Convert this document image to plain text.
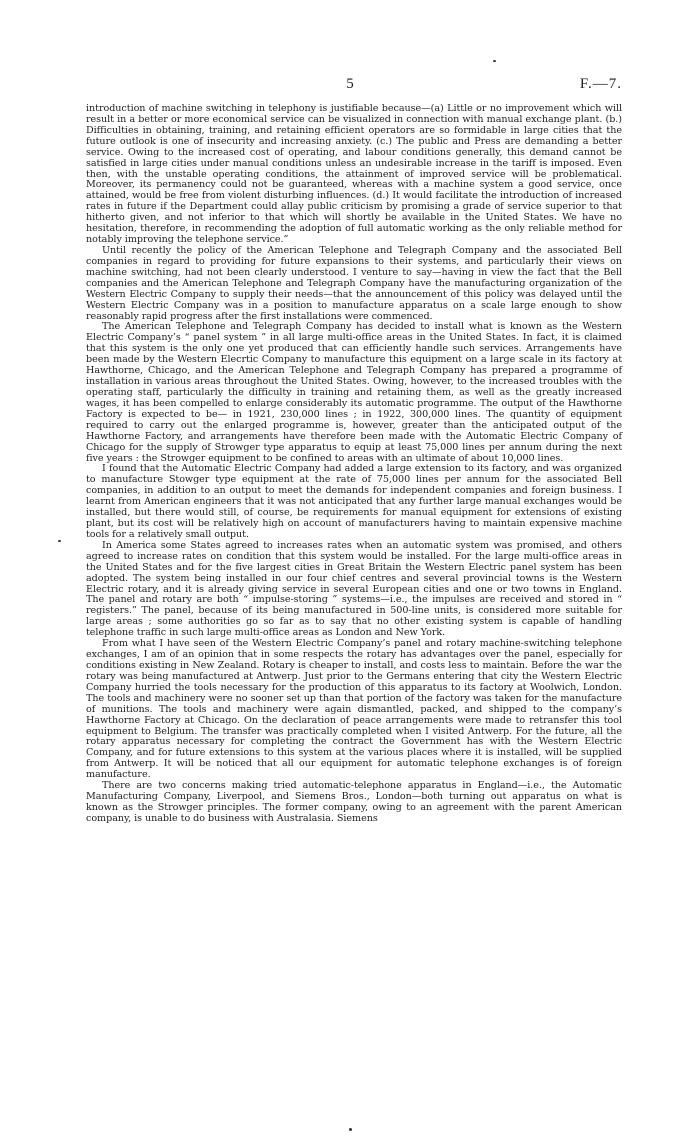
5	F.—7.

introduction of machine switching in telephony is justifiable because—(a) Little or no improvement which will result in a better or more economical service can be visualized in connection with manual exchange plant. (b.) Difficulties in obtaining, training, and retaining efficient operators are so formidable in large cities that the future outlook is one of insecurity and increasing anxiety. (c.) The public and Press are demanding a better service. Owing to the increased cost of operating, and labour conditions generally, this demand cannot be satisfied in large cities under manual conditions unless an undesirable increase in the tariff is imposed. Even then, with the unstable operating conditions, the attainment of improved service will be problematical. Moreover, its permanency could not be guaranteed, whereas with a machine system a good service, once attained, would be free from violent disturbing influences. (d.) It would facilitate the introduction of increased rates in future if the Department could allay public criticism by promising a grade of service superior to that hitherto given, and not inferior to that which will shortly be available in the United States. We have no hesitation, therefore, in recommending the adoption of full automatic working as the only reliable method for notably improving the telephone service.”

Until recently the policy of the American Telephone and Telegraph Company and the associated Bell companies in regard to providing for future expansions to their systems, and particularly their views on machine switching, had not been clearly understood. I venture to say—having in view the fact that the Bell companies and the American Telephone and Telegraph Company have the manufacturing organization of the Western Electric Company to supply their needs—that the announcement of this policy was delayed until the Western Electric Company was in a position to manufacture apparatus on a scale large enough to show reasonably rapid progress after the first installations were commenced.

The American Telephone and Telegraph Company has decided to install what is known as the Western Electric Company’s “ panel system ” in all large multi-office areas in the United States. In fact, it is claimed that this system is the only one yet produced that can efficiently handle such services. Arrangements have been made by the Western Elecrtic Company to manufacture this equipment on a large scale in its factory at Hawthorne, Chicago, and the American Telephone and Telegraph Company has prepared a programme of installation in various areas throughout the United States. Owing, however, to the increased troubles with the operating staff, particularly the difficulty in training and retaining them, as well as the greatly increased wages, it has been compelled to enlarge considerably its automatic programme. The output of the Hawthorne Factory is expected to be— in 1921, 230,000 lines ; in 1922, 300,000 lines. The quantity of equipment required to carry out the enlarged programme is, however, greater than the anticipated output of the Hawthorne Factory, and arrangements have therefore been made with the Automatic Electric Company of Chicago for the supply of Strowger type apparatus to equip at least 75,000 lines per annum during the next five years : the Strowger equipment to be confined to areas with an ultimate of about 10,000 lines.

I found that the Automatic Electric Company had added a large extension to its factory, and was organized to manufacture Stowger type equipment at the rate of 75,000 lines per annum for the associated Bell companies, in addition to an output to meet the demands for independent companies and foreign business. I learnt from American engineers that it was not anticipated that any further large manual exchanges would be installed, but there would still, of course, be requirements for manual equipment for extensions of existing plant, but its cost will be relatively high on account of manufacturers having to maintain expensive machine tools for a relatively small output.

In America some States agreed to increases rates when an automatic system was promised, and others agreed to increase rates on condition that this system would be installed. For the large multi-office areas in the United States and for the five largest cities in Great Britain the Western Electric panel system has been adopted. The system being installed in our four chief centres and several provincial towns is the Western Electric rotary, and it is already giving service in several European cities and one or two towns in England. The panel and rotary are both “ impulse-storing ” systems—i.e., the impulses are received and stored in “ registers.” The panel, because of its being manufactured in 500-line units, is considered more suitable for large areas ; some authorities go so far as to say that no other existing system is capable of handling telephone traffic in such large multi-office areas as London and New York.

From what I have seen of the Western Electric Company’s panel and rotary machine-switching telephone exchanges, I am of an opinion that in some respects the rotary has advantages over the panel, especially for conditions existing in New Zealand. Rotary is cheaper to install, and costs less to maintain. Before the war the rotary was being manufactured at Antwerp. Just prior to the Germans entering that city the Western Electric Company hurried the tools necessary for the production of this apparatus to its factory at Woolwich, London. The tools and machinery were no sooner set up than that portion of the factory was taken for the manufacture of munitions. The tools and machinery were again dismantled, packed, and shipped to the company’s Hawthorne Factory at Chicago. On the declaration of peace arrangements were made to retransfer this tool equipment to Belgium. The transfer was practically completed when I visited Antwerp. For the future, all the rotary apparatus necessary for completing the contract the Government has with the Western Electric Company, and for future extensions to this system at the various places where it is installed, will be supplied from Antwerp. It will be noticed that all our equipment for automatic telephone exchanges is of foreign manufacture.

There are two concerns making tried automatic-telephone apparatus in England—i.e., the Automatic Manufacturing Company, Liverpool, and Siemens Bros., London—both turning out apparatus on what is known as the Strowger principles. The former company, owing to an agreement with the parent American company, is unable to do business with Australasia. Siemens
